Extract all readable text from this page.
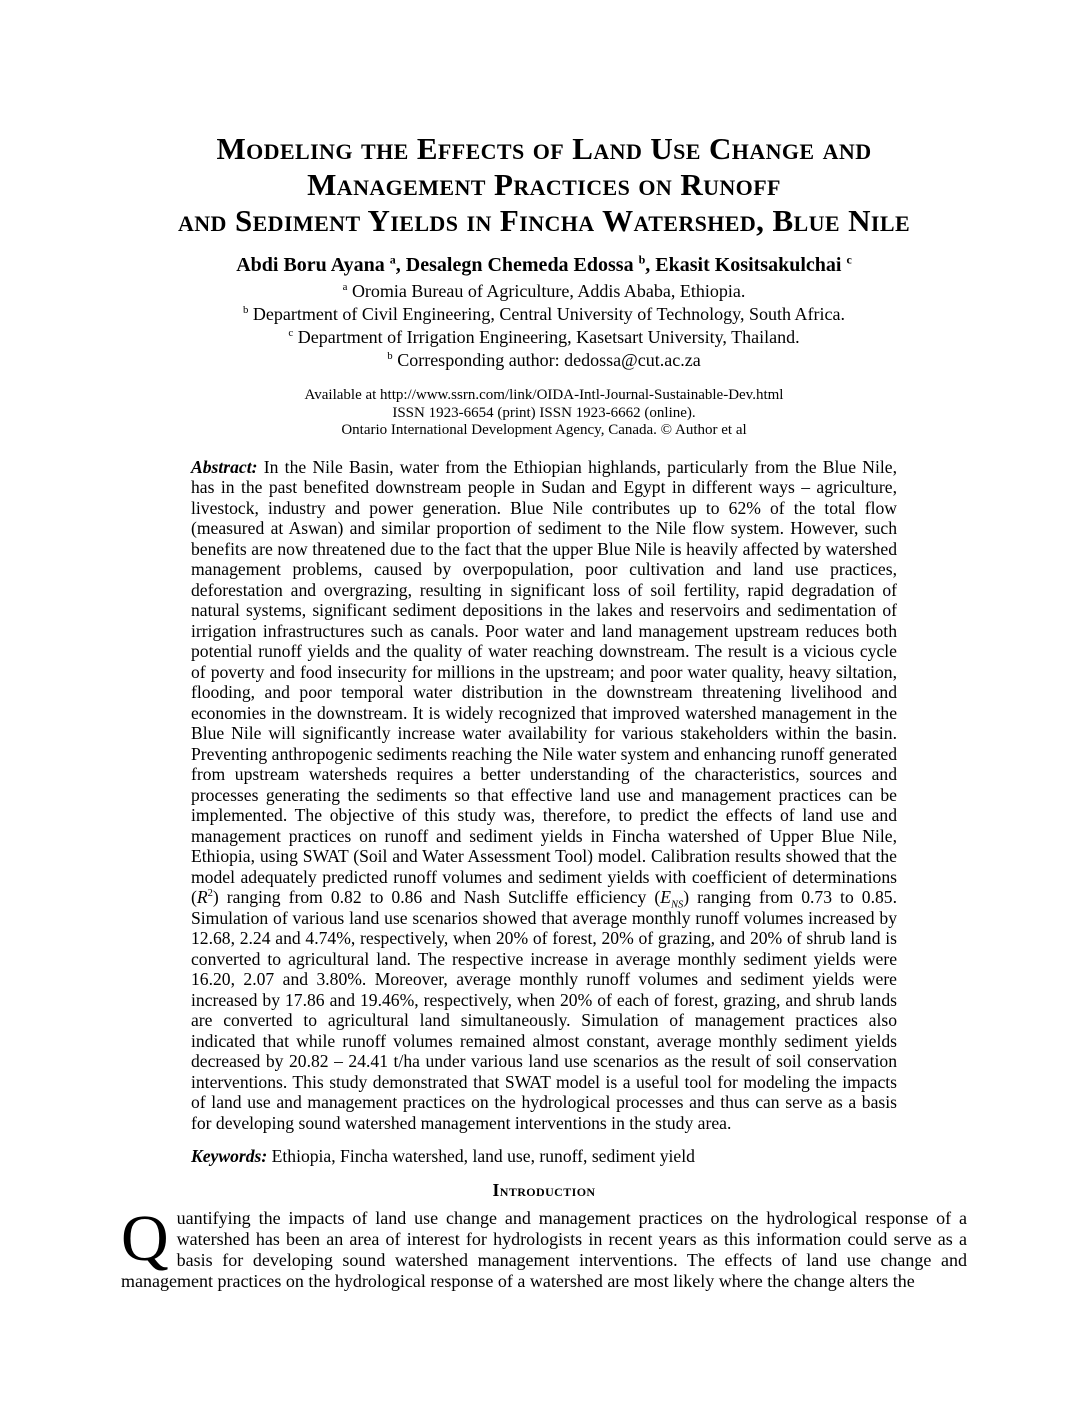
Modeling the Effects of Land Use Change and
Management Practices on Runoff
and Sediment Yields in Fincha Watershed, Blue Nile

Abdi Boru Ayana $^a$, Desalegn Chemeda Edossa $^b$, Ekasit Kositsakulchai $^c$

$^a$ Oromia Bureau of Agriculture, Addis Ababa, Ethiopia.

$^b$ Department of Civil Engineering, Central University of Technology, South Africa.

$^c$ Department of Irrigation Engineering, Kasetsart University, Thailand.

$^b$ Corresponding author: dedossa@cut.ac.za

Available at http://www.ssrn.com/link/OIDA-Intl-Journal-Sustainable-Dev.html

ISSN 1923-6654 (print) ISSN 1923-6662 (online).

Ontario International Development Agency, Canada. © Author et al

Abstract: In the Nile Basin, water from the Ethiopian highlands, particularly from the Blue Nile, has in the past benefited downstream people in Sudan and Egypt in different ways – agriculture, livestock, industry and power generation. Blue Nile contributes up to 62% of the total flow (measured at Aswan) and similar proportion of sediment to the Nile flow system. However, such benefits are now threatened due to the fact that the upper Blue Nile is heavily affected by watershed management problems, caused by overpopulation, poor cultivation and land use practices, deforestation and overgrazing, resulting in significant loss of soil fertility, rapid degradation of natural systems, significant sediment depositions in the lakes and reservoirs and sedimentation of irrigation infrastructures such as canals. Poor water and land management upstream reduces both potential runoff yields and the quality of water reaching downstream. The result is a vicious cycle of poverty and food insecurity for millions in the upstream; and poor water quality, heavy siltation, flooding, and poor temporal water distribution in the downstream threatening livelihood and economies in the downstream. It is widely recognized that improved watershed management in the Blue Nile will significantly increase water availability for various stakeholders within the basin. Preventing anthropogenic sediments reaching the Nile water system and enhancing runoff generated from upstream watersheds requires a better understanding of the characteristics, sources and processes generating the sediments so that effective land use and management practices can be implemented. The objective of this study was, therefore, to predict the effects of land use and management practices on runoff and sediment yields in Fincha watershed of Upper Blue Nile, Ethiopia, using SWAT (Soil and Water Assessment Tool) model. Calibration results showed that the model adequately predicted runoff volumes and sediment yields with coefficient of determinations $(R^2)$ ranging from 0.82 to 0.86 and Nash Sutcliffe efficiency $(E_{NS})$ ranging from 0.73 to 0.85. Simulation of various land use scenarios showed that average monthly runoff volumes increased by 12.68, 2.24 and 4.74%, respectively, when 20% of forest, 20% of grazing, and 20% of shrub land is converted to agricultural land. The respective increase in average monthly sediment yields were 16.20, 2.07 and 3.80%. Moreover, average monthly runoff volumes and sediment yields were increased by 17.86 and 19.46%, respectively, when 20% of each of forest, grazing, and shrub lands are converted to agricultural land simultaneously. Simulation of management practices also indicated that while runoff volumes remained almost constant, average monthly sediment yields decreased by 20.82 – 24.41 t/ha under various land use scenarios as the result of soil conservation interventions. This study demonstrated that SWAT model is a useful tool for modeling the impacts of land use and management practices on the hydrological processes and thus can serve as a basis for developing sound watershed management interventions in the study area.

Keywords: Ethiopia, Fincha watershed, land use, runoff, sediment yield

Introduction

Quantifying the impacts of land use change and management practices on the hydrological response of a watershed has been an area of interest for hydrologists in recent years as this information could serve as a basis for developing sound watershed management interventions. The effects of land use change and management practices on the hydrological response of a watershed are most likely where the change alters the
